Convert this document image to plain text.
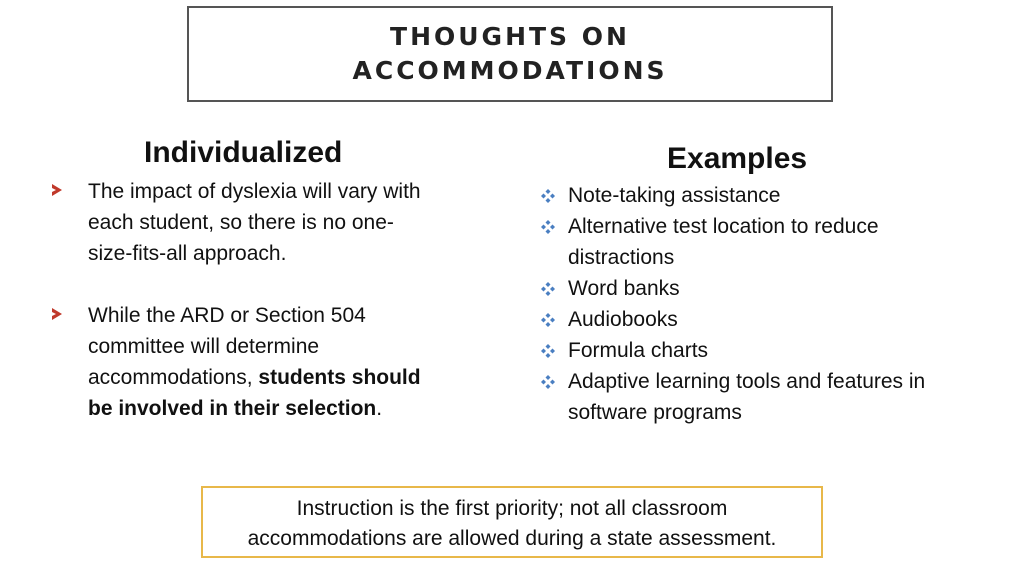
THOUGHTS ON
ACCOMMODATIONS
Individualized
The impact of dyslexia will vary with each student, so there is no one-size-fits-all approach.
While the ARD or Section 504 committee will determine accommodations, students should be involved in their selection.
Examples
Note-taking assistance
Alternative test location to reduce distractions
Word banks
Audiobooks
Formula charts
Adaptive learning tools and features in software programs
Instruction is the first priority; not all classroom
accommodations are allowed during a state assessment.
